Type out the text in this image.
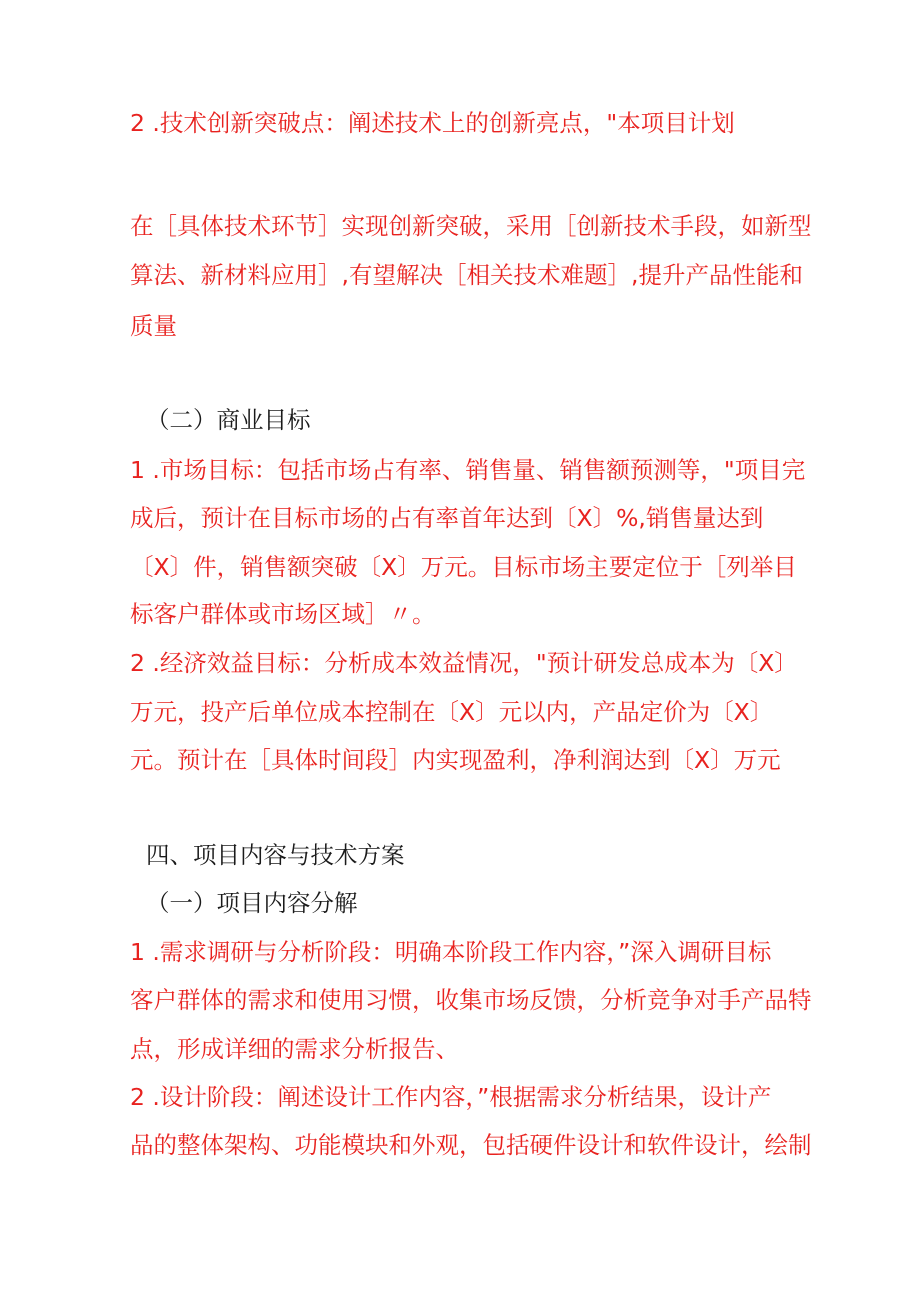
2 .技术创新突破点：阐述技术上的创新亮点，"本项目计划
在［具体技术环节］实现创新突破，采用［创新技术手段，如新型
算法、新材料应用］,有望解决［相关技术难题］,提升产品性能和
质量
（二）商业目标
1 .市场目标：包括市场占有率、销售量、销售额预测等，"项目完
成后，预计在目标市场的占有率首年达到〔X〕%,销售量达到
〔X〕件，销售额突破〔X〕万元。目标市场主要定位于［列举目
标客户群体或市场区域］〃。
2 .经济效益目标：分析成本效益情况，"预计研发总成本为〔X〕
万元，投产后单位成本控制在〔X〕元以内，产品定价为〔X〕
元。预计在［具体时间段］内实现盈利，净利润达到〔X〕万元
四、项目内容与技术方案
（一）项目内容分解
1 .需求调研与分析阶段：明确本阶段工作内容，”深入调研目标
客户群体的需求和使用习惯，收集市场反馈，分析竞争对手产品特
点，形成详细的需求分析报告、
2 .设计阶段：阐述设计工作内容，”根据需求分析结果，设计产
品的整体架构、功能模块和外观，包括硬件设计和软件设计，绘制
